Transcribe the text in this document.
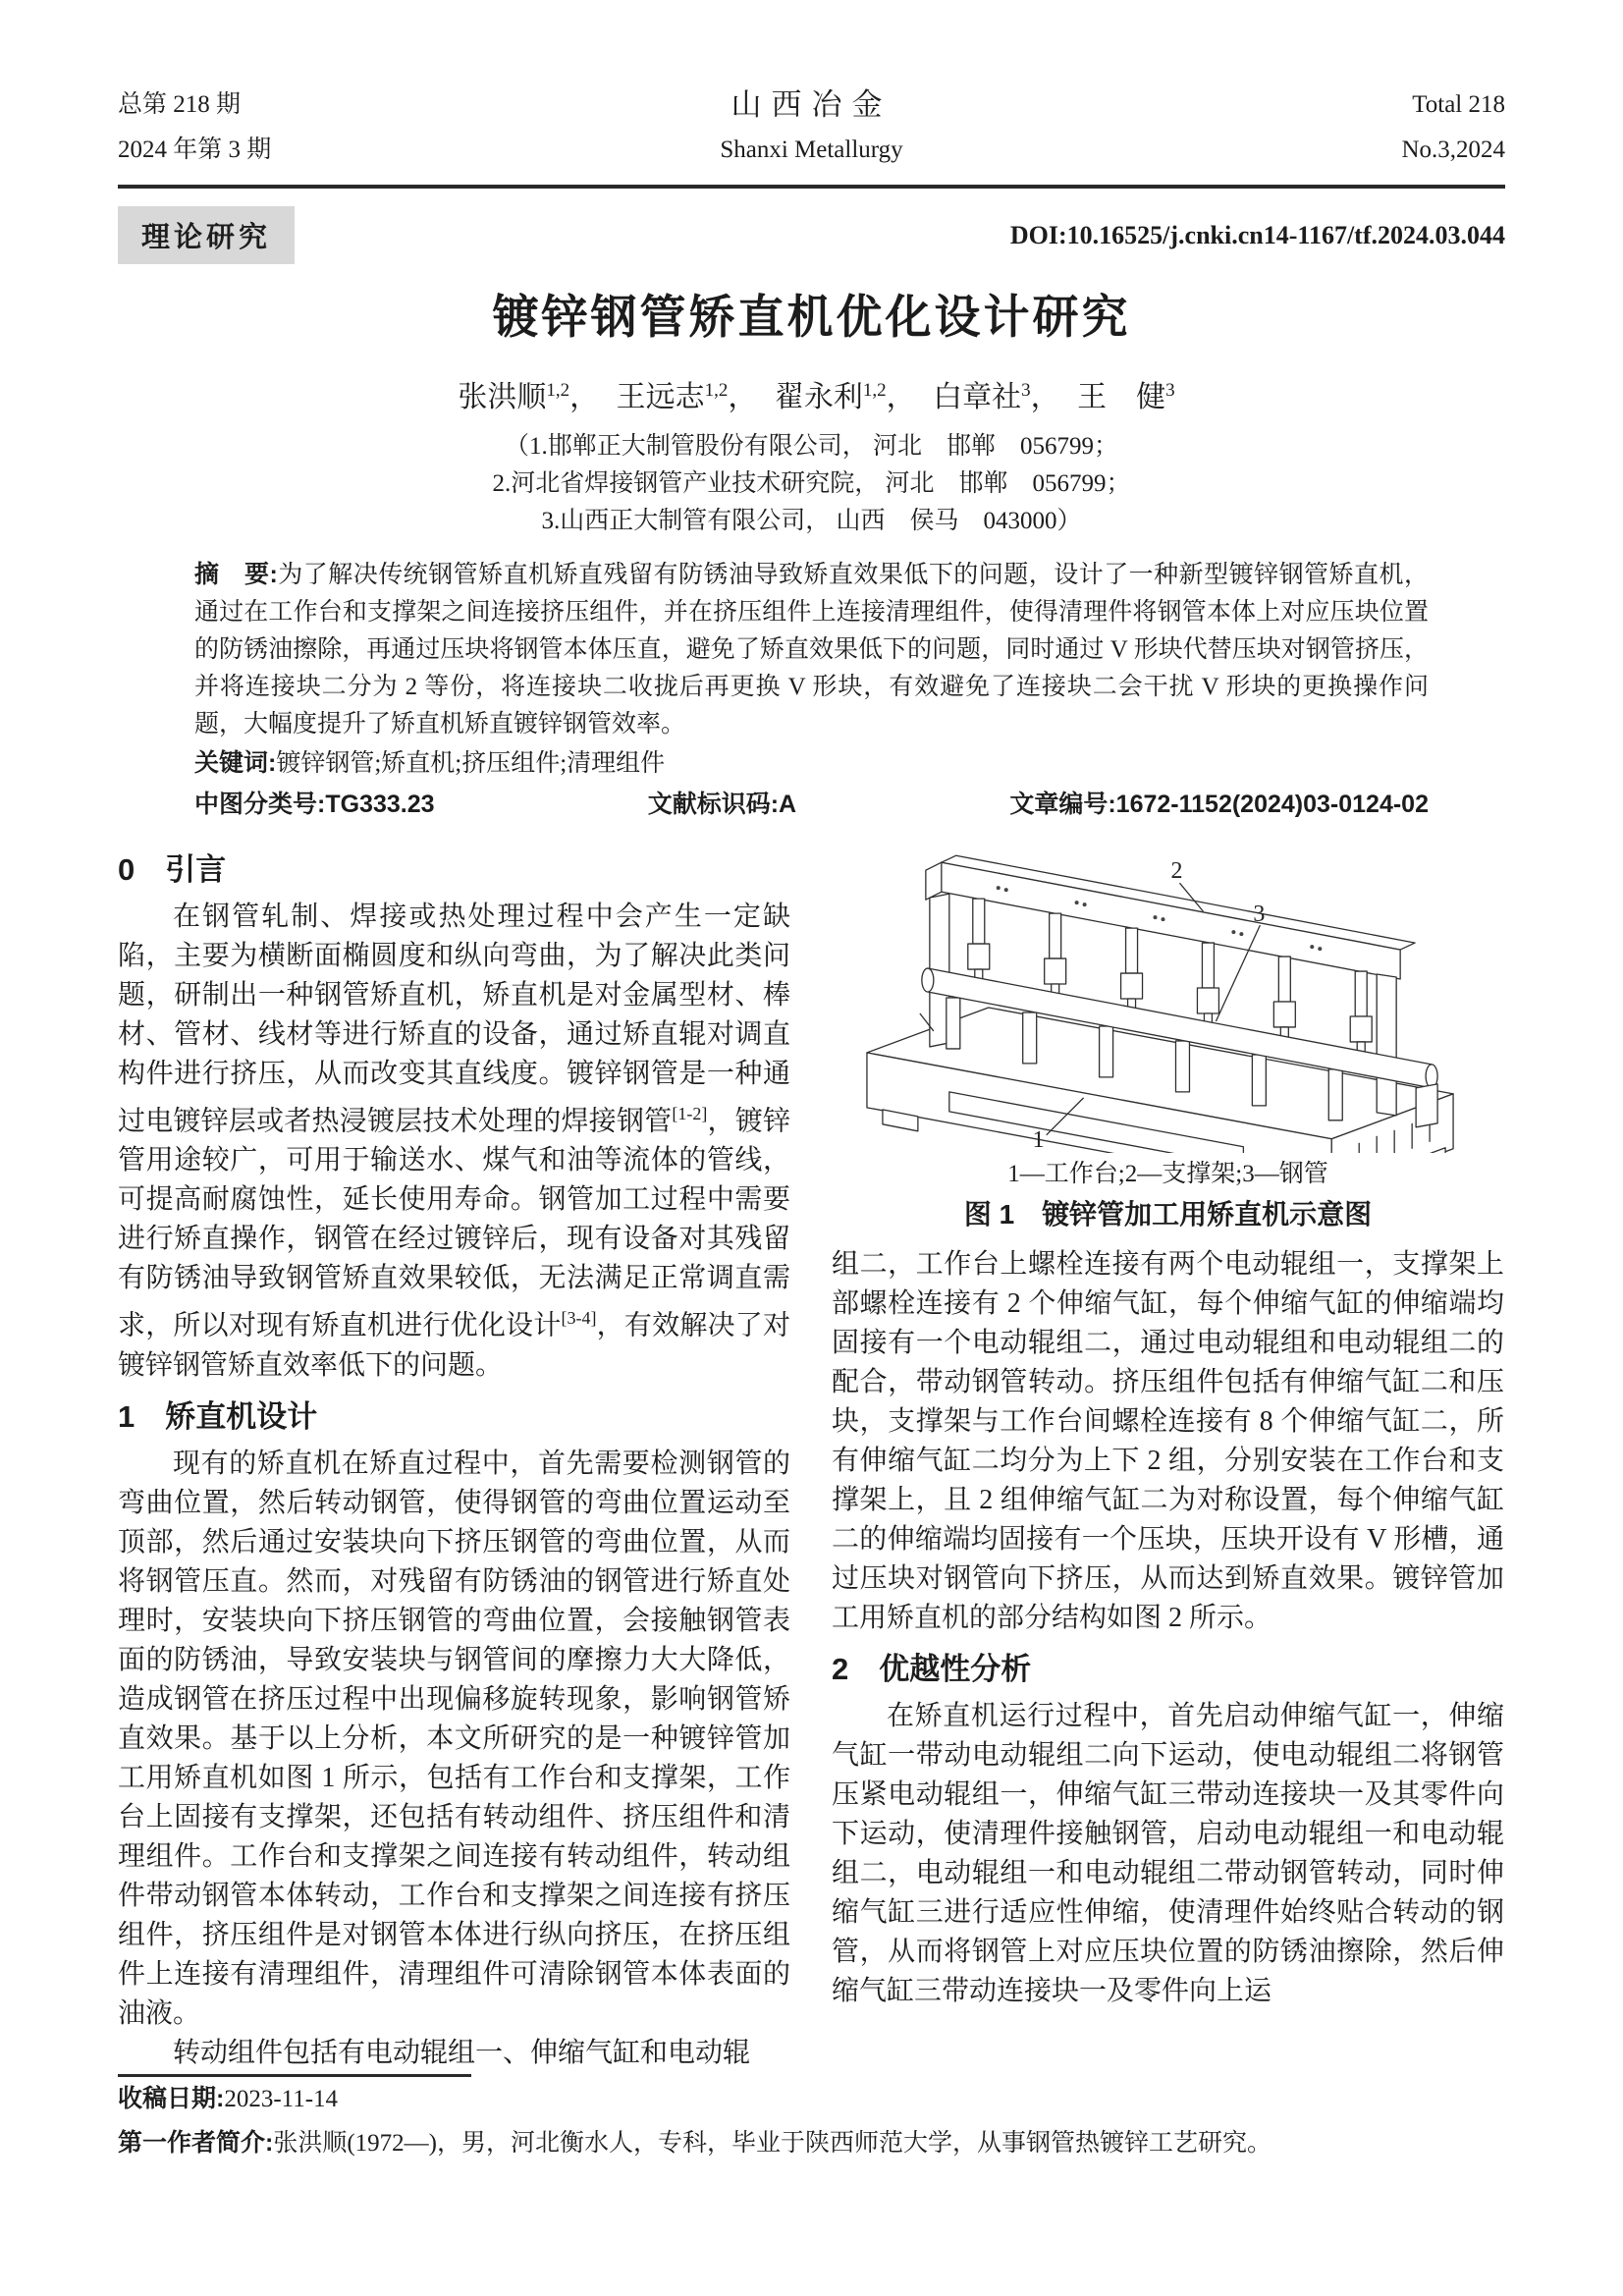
总第 218 期
2024 年第 3 期
山西冶金
Shanxi Metallurgy
Total 218
No.3,2024
理论研究	DOI:10.16525/j.cnki.cn14-1167/tf.2024.03.044
镀锌钢管矫直机优化设计研究
张洪顺$^{1,2}$， 王远志$^{1,2}$， 翟永利$^{1,2}$， 白章社$^3$， 王　健$^3$
（1.邯郸正大制管股份有限公司， 河北　邯郸　056799；
2.河北省焊接钢管产业技术研究院， 河北　邯郸　056799；
3.山西正大制管有限公司， 山西　侯马　043000）

摘　要:为了解决传统钢管矫直机矫直残留有防锈油导致矫直效果低下的问题，设计了一种新型镀锌钢管矫直机，通过在工作台和支撑架之间连接挤压组件，并在挤压组件上连接清理组件，使得清理件将钢管本体上对应压块位置的防锈油擦除，再通过压块将钢管本体压直，避免了矫直效果低下的问题，同时通过 V 形块代替压块对钢管挤压，并将连接块二分为 2 等份，将连接块二收拢后再更换 V 形块，有效避免了连接块二会干扰 V 形块的更换操作问题，大幅度提升了矫直机矫直镀锌钢管效率。

关键词:镀锌钢管;矫直机;挤压组件;清理组件

中图分类号:TG333.23	文献标识码:A	文章编号:1672-1152(2024)03-0124-02
0　引言

在钢管轧制、焊接或热处理过程中会产生一定缺陷，主要为横断面椭圆度和纵向弯曲，为了解决此类问题，研制出一种钢管矫直机，矫直机是对金属型材、棒材、管材、线材等进行矫直的设备，通过矫直辊对调直构件进行挤压，从而改变其直线度。镀锌钢管是一种通过电镀锌层或者热浸镀层技术处理的焊接钢管[1-2]，镀锌管用途较广，可用于输送水、煤气和油等流体的管线，可提高耐腐蚀性，延长使用寿命。钢管加工过程中需要进行矫直操作，钢管在经过镀锌后，现有设备对其残留有防锈油导致钢管矫直效果较低，无法满足正常调直需求，所以对现有矫直机进行优化设计[3-4]，有效解决了对镀锌钢管矫直效率低下的问题。

1　矫直机设计

现有的矫直机在矫直过程中，首先需要检测钢管的弯曲位置，然后转动钢管，使得钢管的弯曲位置运动至顶部，然后通过安装块向下挤压钢管的弯曲位置，从而将钢管压直。然而，对残留有防锈油的钢管进行矫直处理时，安装块向下挤压钢管的弯曲位置，会接触钢管表面的防锈油，导致安装块与钢管间的摩擦力大大降低，造成钢管在挤压过程中出现偏移旋转现象，影响钢管矫直效果。基于以上分析，本文所研究的是一种镀锌管加工用矫直机如图 1 所示，包括有工作台和支撑架，工作台上固接有支撑架，还包括有转动组件、挤压组件和清理组件。工作台和支撑架之间连接有转动组件，转动组件带动钢管本体转动，工作台和支撑架之间连接有挤压组件，挤压组件是对钢管本体进行纵向挤压，在挤压组件上连接有清理组件，清理组件可清除钢管本体表面的油液。

转动组件包括有电动辊组一、伸缩气缸和电动辊

2
3
1
1—工作台;2—支撑架;3—钢管
图 1　镀锌管加工用矫直机示意图

组二，工作台上螺栓连接有两个电动辊组一，支撑架上部螺栓连接有 2 个伸缩气缸，每个伸缩气缸的伸缩端均固接有一个电动辊组二，通过电动辊组和电动辊组二的配合，带动钢管转动。挤压组件包括有伸缩气缸二和压块，支撑架与工作台间螺栓连接有 8 个伸缩气缸二，所有伸缩气缸二均分为上下 2 组，分别安装在工作台和支撑架上，且 2 组伸缩气缸二为对称设置，每个伸缩气缸二的伸缩端均固接有一个压块，压块开设有 V 形槽，通过压块对钢管向下挤压，从而达到矫直效果。镀锌管加工用矫直机的部分结构如图 2 所示。

2　优越性分析

在矫直机运行过程中，首先启动伸缩气缸一，伸缩气缸一带动电动辊组二向下运动，使电动辊组二将钢管压紧电动辊组一，伸缩气缸三带动连接块一及其零件向下运动，使清理件接触钢管，启动电动辊组一和电动辊组二，电动辊组一和电动辊组二带动钢管转动，同时伸缩气缸三进行适应性伸缩，使清理件始终贴合转动的钢管，从而将钢管上对应压块位置的防锈油擦除，然后伸缩气缸三带动连接块一及零件向上运

收稿日期:2023-11-14
第一作者简介:张洪顺(1972—)，男，河北衡水人，专科，毕业于陕西师范大学，从事钢管热镀锌工艺研究。
